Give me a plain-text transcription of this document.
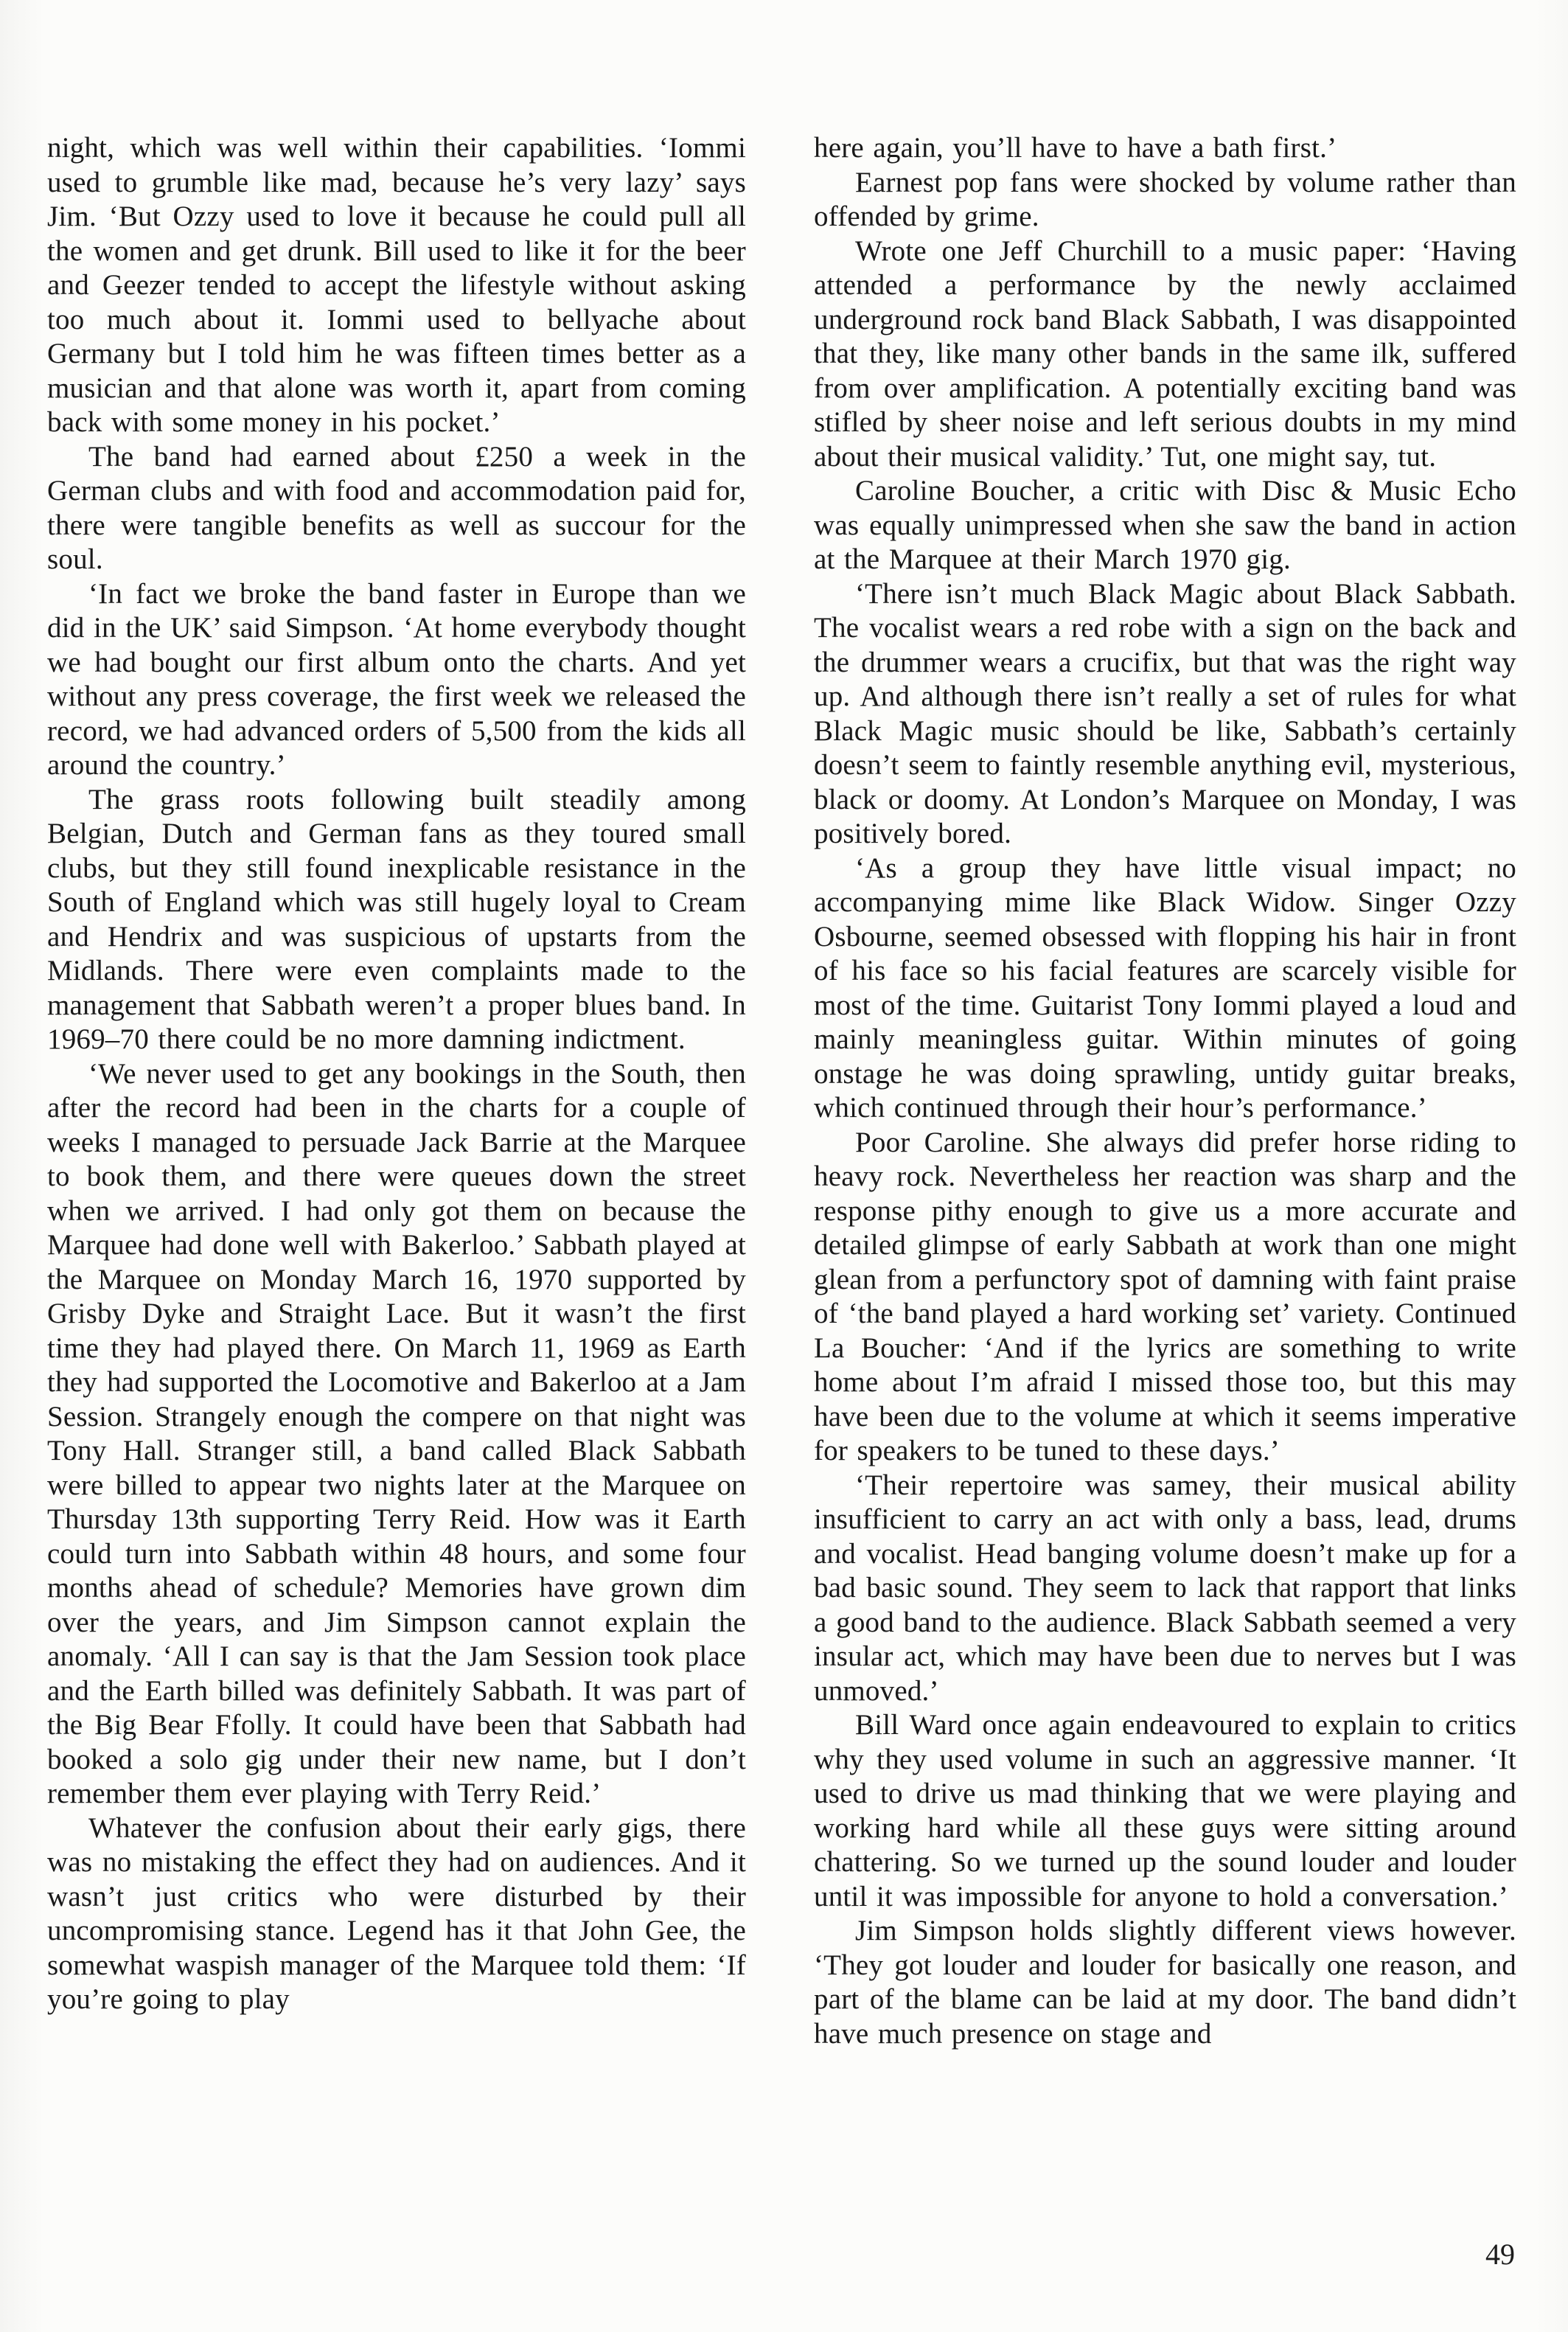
night, which was well within their capabilities. ‘Iommi used to grumble like mad, because he’s very lazy’ says Jim. ‘But Ozzy used to love it because he could pull all the women and get drunk. Bill used to like it for the beer and Geezer tended to accept the lifestyle without asking too much about it. Iommi used to bellyache about Germany but I told him he was fifteen times better as a musician and that alone was worth it, apart from coming back with some money in his pocket.’

The band had earned about £250 a week in the German clubs and with food and accommodation paid for, there were tangible benefits as well as succour for the soul.

‘In fact we broke the band faster in Europe than we did in the UK’ said Simpson. ‘At home everybody thought we had bought our first album onto the charts. And yet without any press coverage, the first week we released the record, we had advanced orders of 5,500 from the kids all around the country.’

The grass roots following built steadily among Belgian, Dutch and German fans as they toured small clubs, but they still found inexplicable resistance in the South of England which was still hugely loyal to Cream and Hendrix and was suspicious of upstarts from the Midlands. There were even complaints made to the management that Sabbath weren’t a proper blues band. In 1969–70 there could be no more damning indictment.

‘We never used to get any bookings in the South, then after the record had been in the charts for a couple of weeks I managed to persuade Jack Barrie at the Marquee to book them, and there were queues down the street when we arrived. I had only got them on because the Marquee had done well with Bakerloo.’ Sabbath played at the Marquee on Monday March 16, 1970 supported by Grisby Dyke and Straight Lace. But it wasn’t the first time they had played there. On March 11, 1969 as Earth they had supported the Locomotive and Bakerloo at a Jam Session. Strangely enough the compere on that night was Tony Hall. Stranger still, a band called Black Sabbath were billed to appear two nights later at the Marquee on Thursday 13th supporting Terry Reid. How was it Earth could turn into Sabbath within 48 hours, and some four months ahead of schedule? Memories have grown dim over the years, and Jim Simpson cannot explain the anomaly. ‘All I can say is that the Jam Session took place and the Earth billed was definitely Sabbath. It was part of the Big Bear Ffolly. It could have been that Sabbath had booked a solo gig under their new name, but I don’t remember them ever playing with Terry Reid.’

Whatever the confusion about their early gigs, there was no mistaking the effect they had on audiences. And it wasn’t just critics who were disturbed by their uncompromising stance. Legend has it that John Gee, the somewhat waspish manager of the Marquee told them: ‘If you’re going to play

here again, you’ll have to have a bath first.’

Earnest pop fans were shocked by volume rather than offended by grime.

Wrote one Jeff Churchill to a music paper: ‘Having attended a performance by the newly acclaimed underground rock band Black Sabbath, I was disappointed that they, like many other bands in the same ilk, suffered from over amplification. A potentially exciting band was stifled by sheer noise and left serious doubts in my mind about their musical validity.’ Tut, one might say, tut.

Caroline Boucher, a critic with Disc & Music Echo was equally unimpressed when she saw the band in action at the Marquee at their March 1970 gig.

‘There isn’t much Black Magic about Black Sabbath. The vocalist wears a red robe with a sign on the back and the drummer wears a crucifix, but that was the right way up. And although there isn’t really a set of rules for what Black Magic music should be like, Sabbath’s certainly doesn’t seem to faintly resemble anything evil, mysterious, black or doomy. At London’s Marquee on Monday, I was positively bored.

‘As a group they have little visual impact; no accompanying mime like Black Widow. Singer Ozzy Osbourne, seemed obsessed with flopping his hair in front of his face so his facial features are scarcely visible for most of the time. Guitarist Tony Iommi played a loud and mainly meaningless guitar. Within minutes of going onstage he was doing sprawling, untidy guitar breaks, which continued through their hour’s performance.’

Poor Caroline. She always did prefer horse riding to heavy rock. Nevertheless her reaction was sharp and the response pithy enough to give us a more accurate and detailed glimpse of early Sabbath at work than one might glean from a perfunctory spot of damning with faint praise of ‘the band played a hard working set’ variety. Continued La Boucher: ‘And if the lyrics are something to write home about I’m afraid I missed those too, but this may have been due to the volume at which it seems imperative for speakers to be tuned to these days.’

‘Their repertoire was samey, their musical ability insufficient to carry an act with only a bass, lead, drums and vocalist. Head banging volume doesn’t make up for a bad basic sound. They seem to lack that rapport that links a good band to the audience. Black Sabbath seemed a very insular act, which may have been due to nerves but I was unmoved.’

Bill Ward once again endeavoured to explain to critics why they used volume in such an aggressive manner. ‘It used to drive us mad thinking that we were playing and working hard while all these guys were sitting around chattering. So we turned up the sound louder and louder until it was impossible for anyone to hold a conversation.’

Jim Simpson holds slightly different views however. ‘They got louder and louder for basically one reason, and part of the blame can be laid at my door. The band didn’t have much presence on stage and

49
